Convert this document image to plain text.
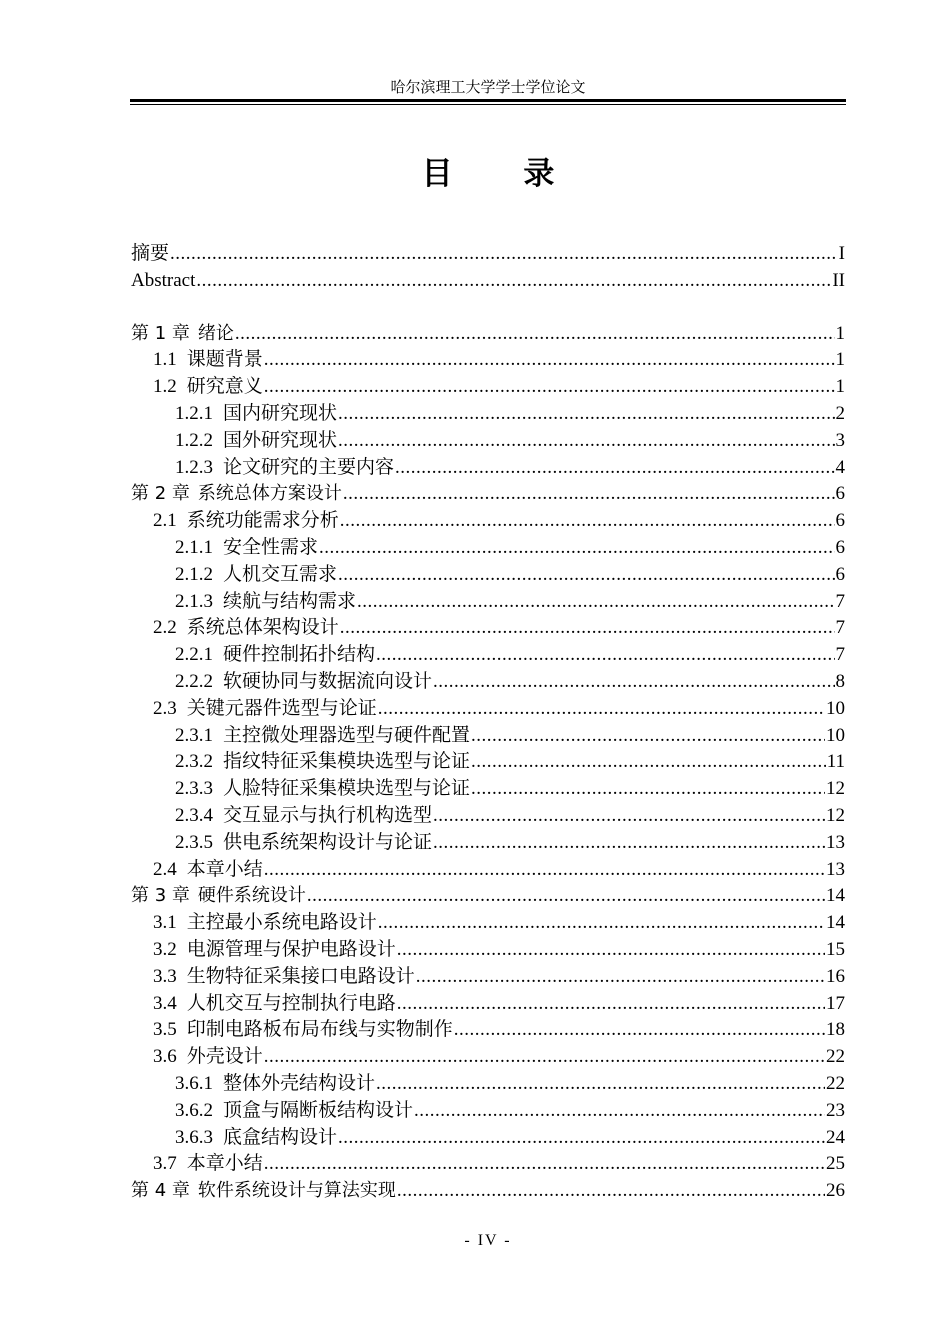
哈尔滨理工大学学士学位论文
目 录
摘要 .....	I
Abstract .....	II
第 1 章 绪论 .....	1
1.1 课题背景 .....	1
1.2 研究意义 .....	1
1.2.1 国内研究现状 .....	2
1.2.2 国外研究现状 .....	3
1.2.3 论文研究的主要内容 .....	4
第 2 章 系统总体方案设计 .....	6
2.1 系统功能需求分析 .....	6
2.1.1 安全性需求 .....	6
2.1.2 人机交互需求 .....	6
2.1.3 续航与结构需求 .....	7
2.2 系统总体架构设计 .....	7
2.2.1 硬件控制拓扑结构 .....	7
2.2.2 软硬协同与数据流向设计 .....	8
2.3 关键元器件选型与论证 .....	10
2.3.1 主控微处理器选型与硬件配置 .....	10
2.3.2 指纹特征采集模块选型与论证 .....	11
2.3.3 人脸特征采集模块选型与论证 .....	12
2.3.4 交互显示与执行机构选型 .....	12
2.3.5 供电系统架构设计与论证 .....	13
2.4 本章小结 .....	13
第 3 章 硬件系统设计 .....	14
3.1 主控最小系统电路设计 .....	14
3.2 电源管理与保护电路设计 .....	15
3.3 生物特征采集接口电路设计 .....	16
3.4 人机交互与控制执行电路 .....	17
3.5 印制电路板布局布线与实物制作 .....	18
3.6 外壳设计 .....	22
3.6.1 整体外壳结构设计 .....	22
3.6.2 顶盒与隔断板结构设计 .....	23
3.6.3 底盒结构设计 .....	24
3.7 本章小结 .....	25
第 4 章 软件系统设计与算法实现 .....	26
- IV -
